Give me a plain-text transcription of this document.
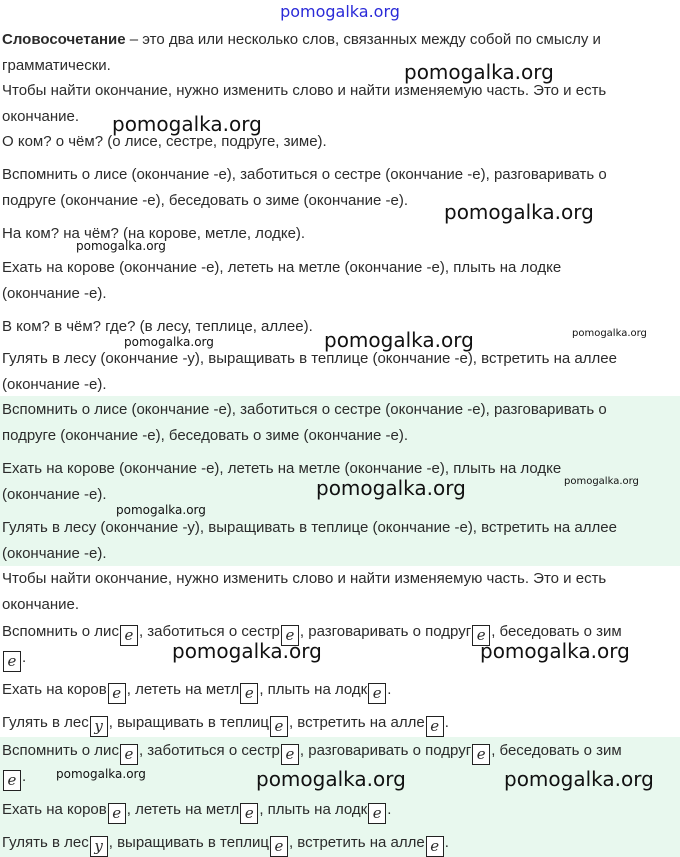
pomogalka.org
Словосочетание – это два или несколько слов, связанных между собой по смыслу и
грамматически.
Чтобы найти окончание, нужно изменить слово и найти изменяемую часть. Это и есть
окончание.
О ком? о чём? (о лисе, сестре, подруге, зиме).
Вспомнить о лисе (окончание -е), заботиться о сестре (окончание -е), разговаривать о
подруге (окончание -е), беседовать о зиме (окончание -е).
На ком? на чём? (на корове, метле, лодке).
Ехать на корове (окончание -е), лететь на метле (окончание -е), плыть на лодке
(окончание -е).
В ком? в чём? где? (в лесу, теплице, аллее).
Гулять в лесу (окончание -у), выращивать в теплице (окончание -е), встретить на аллее
(окончание -е).
Вспомнить о лисе (окончание -е), заботиться о сестре (окончание -е), разговаривать о
подруге (окончание -е), беседовать о зиме (окончание -е).
Ехать на корове (окончание -е), лететь на метле (окончание -е), плыть на лодке
(окончание -е).
Гулять в лесу (окончание -у), выращивать в теплице (окончание -е), встретить на аллее
(окончание -е).
Чтобы найти окончание, нужно изменить слово и найти изменяемую часть. Это и есть
окончание.
Вспомнить о лис е , заботиться о сестр е , разговаривать о подруг е , беседовать о зим
е .
Ехать на коров е , лететь на метл е , плыть на лодк е .
Гулять в лес у , выращивать в теплиц е , встретить на алле е .
Вспомнить о лис е , заботиться о сестр е , разговаривать о подруг е , беседовать о зим
е .
Ехать на коров е , лететь на метл е , плыть на лодк е .
Гулять в лес у , выращивать в теплиц е , встретить на алле е .
pomogalka.org
pomogalka.org
pomogalka.org
pomogalka.org
pomogalka.org	pomogalka.org
pomogalka.org
pomogalka.org	pomogalka.org
pomogalka.org
pomogalka.org	pomogalka.org
pomogalka.org	pomogalka.org	pomogalka.org
